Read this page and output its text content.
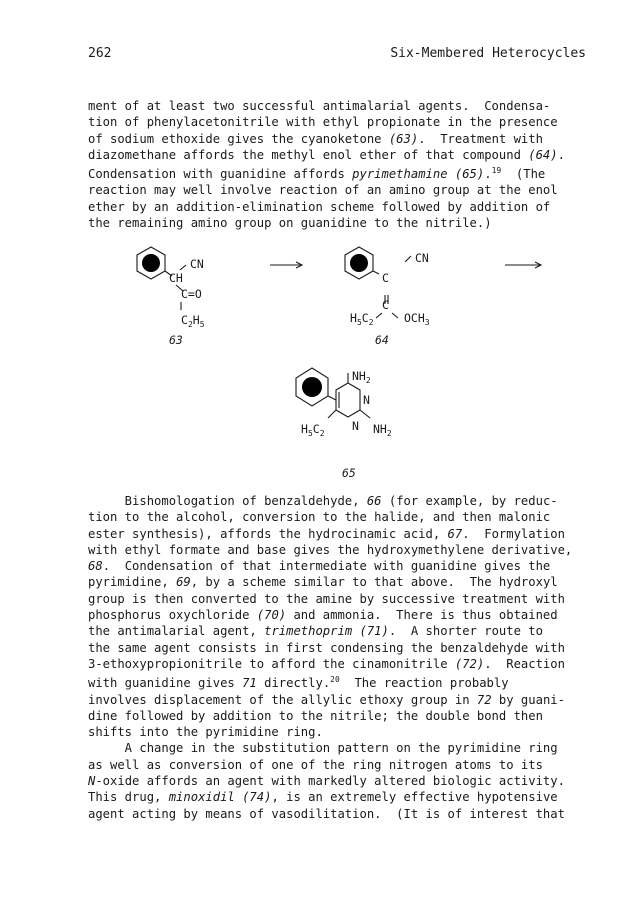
262	Six-Membered Heterocycles

ment of at least two successful antimalarial agents.  Condensa-

tion of phenylacetonitrile with ethyl propionate in the presence

of sodium ethoxide gives the cyanoketone (63).  Treatment with

diazomethane affords the methyl enol ether of that compound (64).

Condensation with guanidine affords pyrimethamine (65).$^{19}$  (The

reaction may well involve reaction of an amino group at the enol

ether by an addition-elimination scheme followed by addition of

the remaining amino group on guanidine to the nitrile.)

CN
CH
C=O
$C_2H_5$
63
CN
C
C
$H_5C_2$	$OCH_3$
64
$NH_2$
N
N $NH_2$
$H_5C_2$
65

Bishomologation of benzaldehyde, 66 (for example, by reduc-

tion to the alcohol, conversion to the halide, and then malonic

ester synthesis), affords the hydrocinamic acid, 67.  Formylation

with ethyl formate and base gives the hydroxymethylene derivative,

68.  Condensation of that intermediate with guanidine gives the

pyrimidine, 69, by a scheme similar to that above.  The hydroxyl

group is then converted to the amine by successive treatment with

phosphorus oxychloride (70) and ammonia.  There is thus obtained

the antimalarial agent, trimethoprim (71).  A shorter route to

the same agent consists in first condensing the benzaldehyde with

3-ethoxypropionitrile to afford the cinamonitrile (72).  Reaction

with guanidine gives 71 directly.$^{20}$  The reaction probably

involves displacement of the allylic ethoxy group in 72 by guani-

dine followed by addition to the nitrile; the double bond then

shifts into the pyrimidine ring.

A change in the substitution pattern on the pyrimidine ring

as well as conversion of one of the ring nitrogen atoms to its

N-oxide affords an agent with markedly altered biologic activity.

This drug, minoxidil (74), is an extremely effective hypotensive

agent acting by means of vasodilitation.  (It is of interest that
